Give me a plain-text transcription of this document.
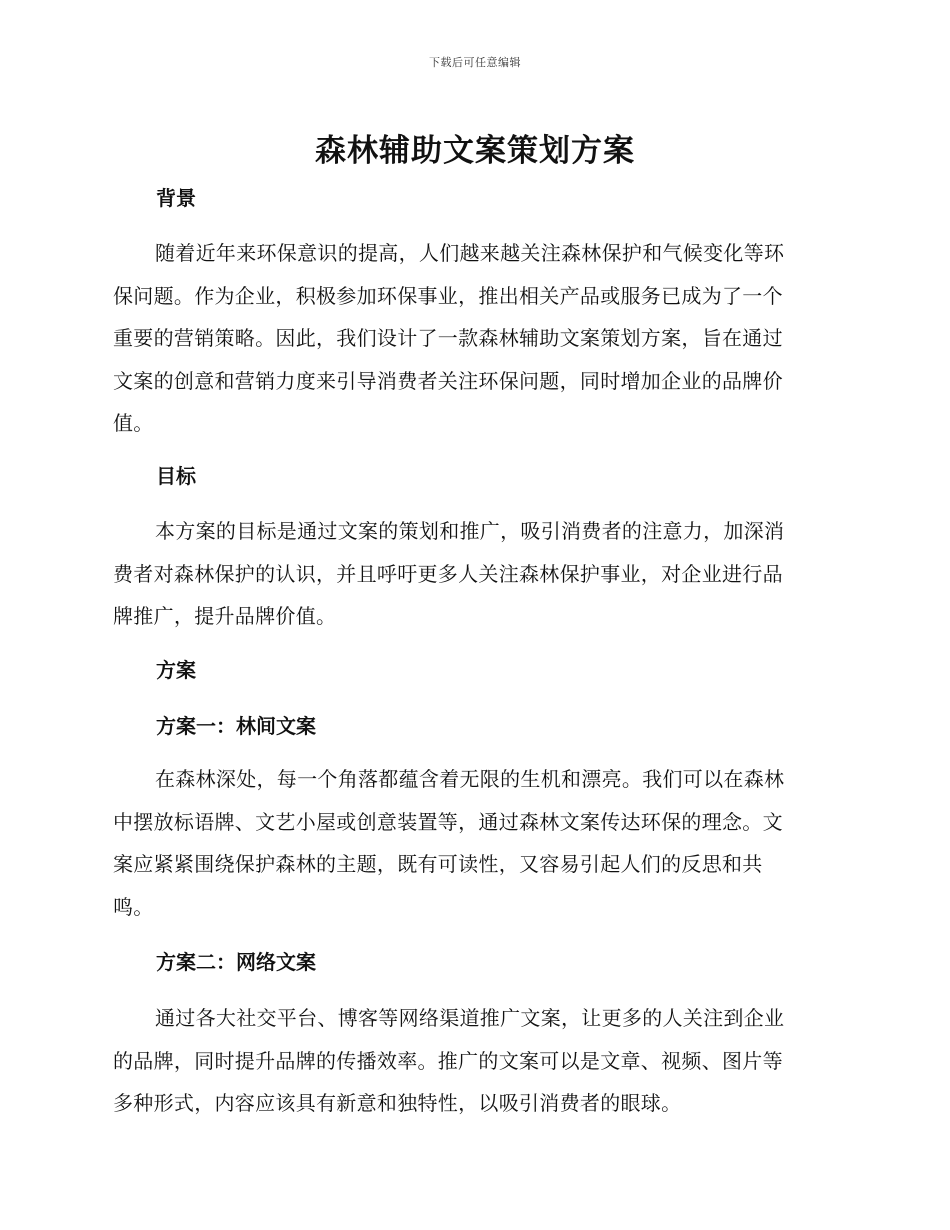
下载后可任意编辑
森林辅助文案策划方案
背景
随着近年来环保意识的提高，人们越来越关注森林保护和气候变化等环
保问题。作为企业，积极参加环保事业，推出相关产品或服务已成为了一个
重要的营销策略。因此，我们设计了一款森林辅助文案策划方案，旨在通过
文案的创意和营销力度来引导消费者关注环保问题，同时增加企业的品牌价
值。
目标
本方案的目标是通过文案的策划和推广，吸引消费者的注意力，加深消
费者对森林保护的认识，并且呼吁更多人关注森林保护事业，对企业进行品
牌推广，提升品牌价值。
方案
方案一：林间文案
在森林深处，每一个角落都蕴含着无限的生机和漂亮。我们可以在森林
中摆放标语牌、文艺小屋或创意装置等，通过森林文案传达环保的理念。文
案应紧紧围绕保护森林的主题，既有可读性，又容易引起人们的反思和共
鸣。
方案二：网络文案
通过各大社交平台、博客等网络渠道推广文案，让更多的人关注到企业
的品牌，同时提升品牌的传播效率。推广的文案可以是文章、视频、图片等
多种形式，内容应该具有新意和独特性，以吸引消费者的眼球。
